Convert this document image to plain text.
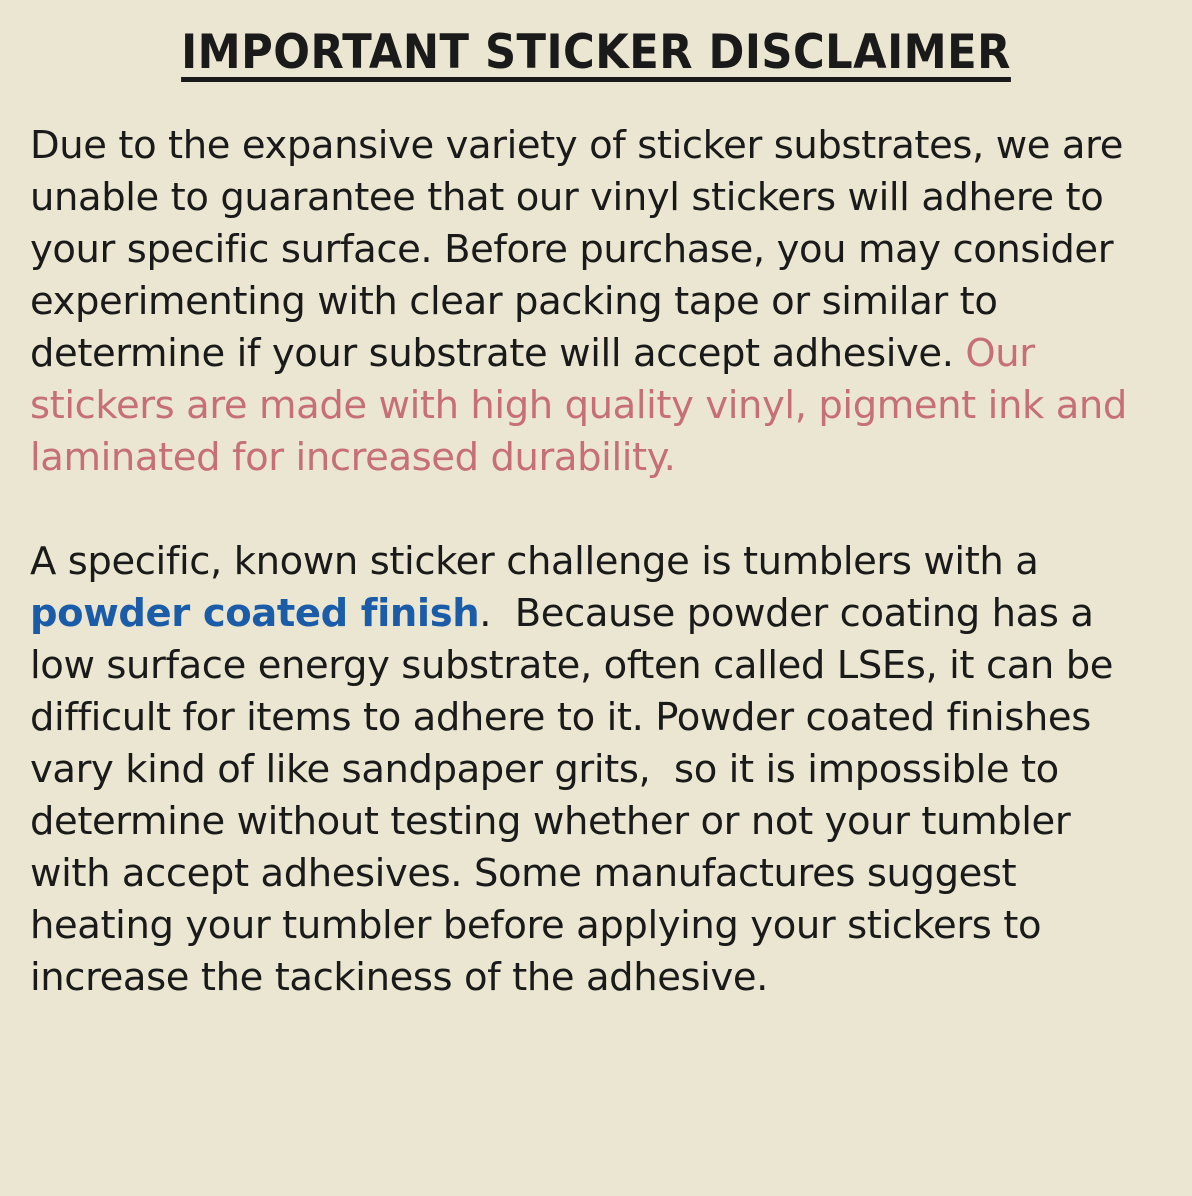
IMPORTANT STICKER DISCLAIMER

Due to the expansive variety of sticker substrates, we are unable to guarantee that our vinyl stickers will adhere to your specific surface. Before purchase, you may consider experimenting with clear packing tape or similar to determine if your substrate will accept adhesive. Our stickers are made with high quality vinyl, pigment ink and laminated for increased durability.

A specific, known sticker challenge is tumblers with a powder coated finish.  Because powder coating has a low surface energy substrate, often called LSEs, it can be difficult for items to adhere to it. Powder coated finishes vary kind of like sandpaper grits,  so it is impossible to determine without testing whether or not your tumbler with accept adhesives. Some manufactures suggest heating your tumbler before applying your stickers to increase the tackiness of the adhesive.
